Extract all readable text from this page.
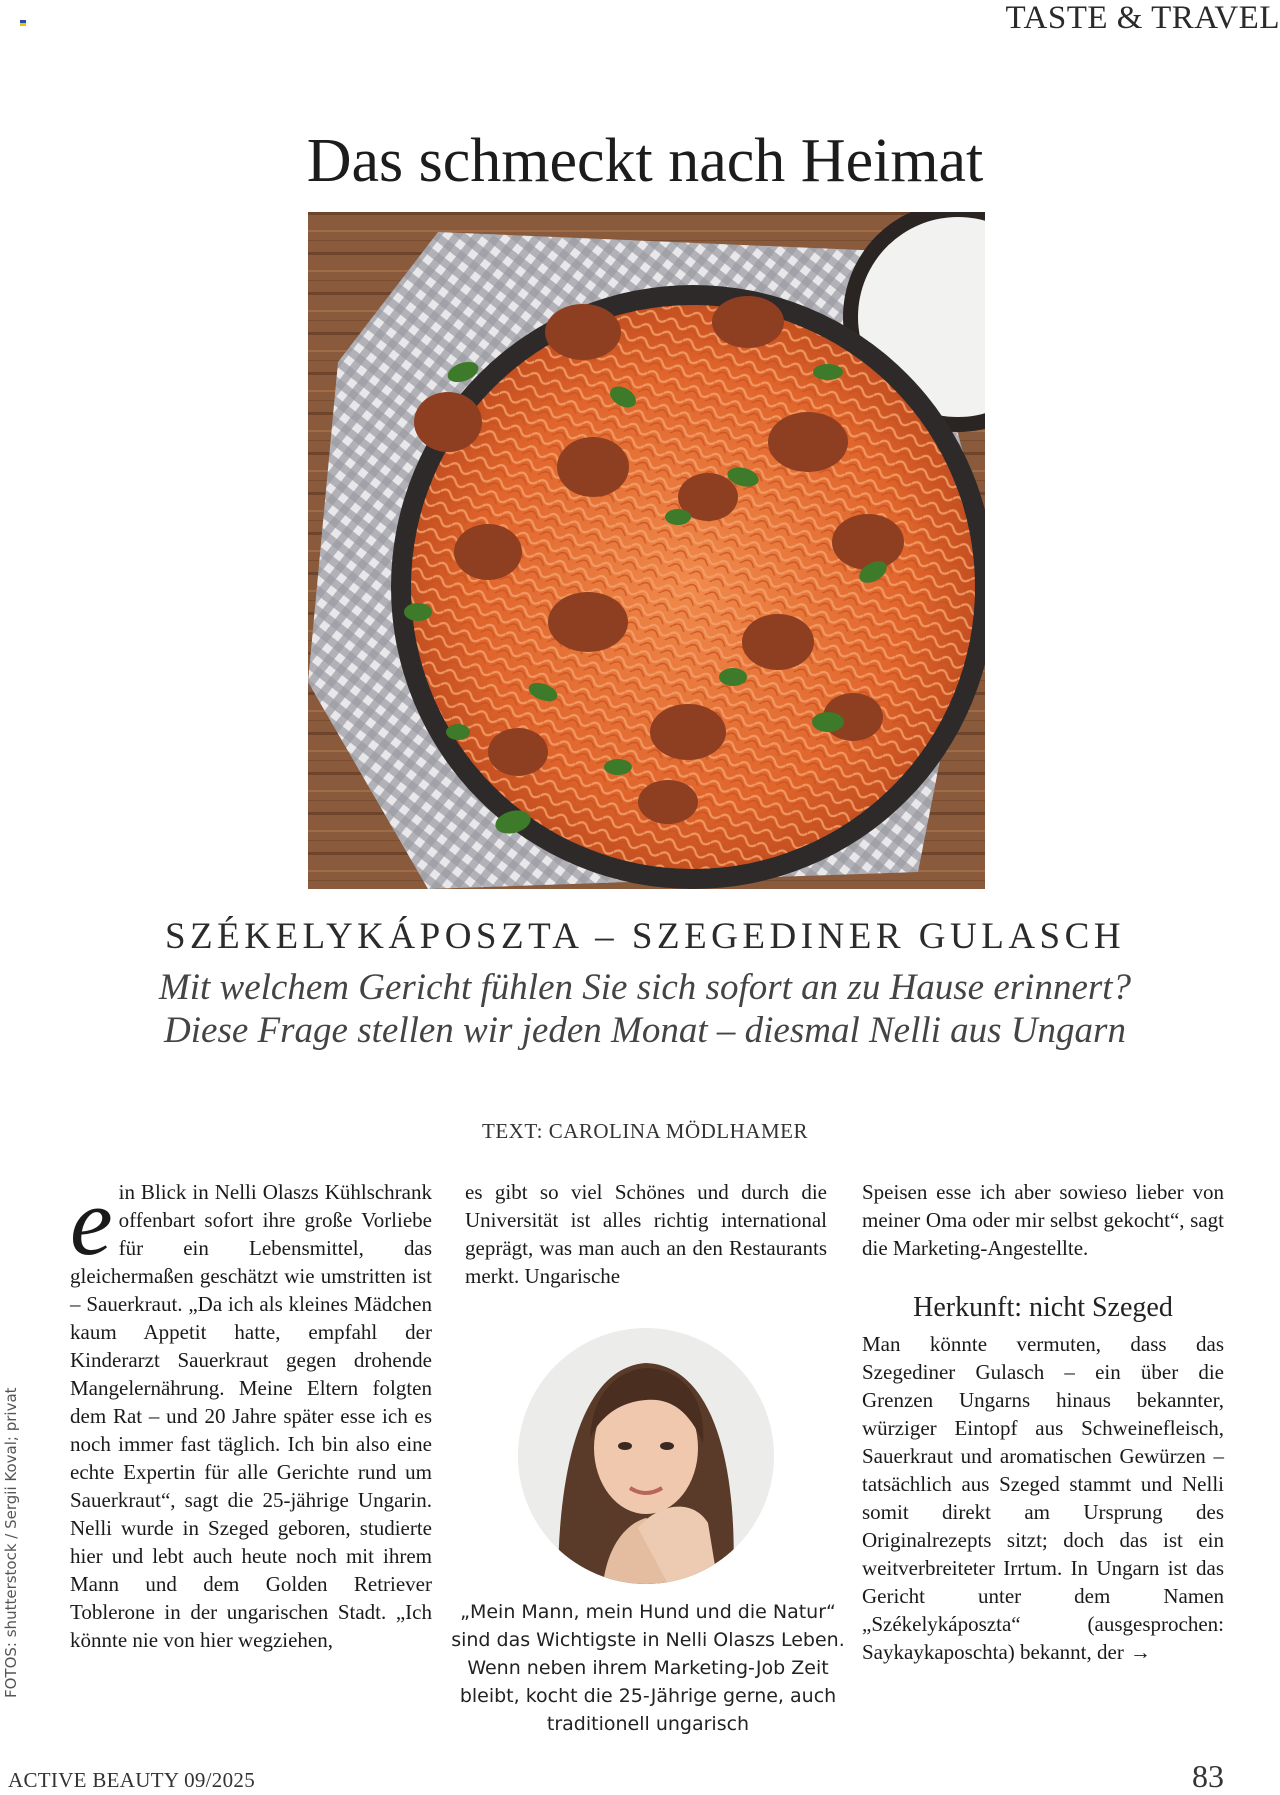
TASTE & TRAVEL
Das schmeckt nach Heimat
SZÉKELYKÁPOSZTA – SZEGEDINER GULASCH
Mit welchem Gericht fühlen Sie sich sofort an zu Hause erinnert? Diese Frage stellen wir jeden Monat – diesmal Nelli aus Ungarn
TEXT: CAROLINA MÖDLHAMER
e in Blick in Nelli Olaszs Kühlschrank offenbart sofort ihre große Vorliebe für ein Lebensmittel, das gleichermaßen geschätzt wie umstritten ist – Sauerkraut. „Da ich als kleines Mädchen kaum Appetit hatte, empfahl der Kinderarzt Sauerkraut gegen drohende Mangelernährung. Meine Eltern folgten dem Rat – und 20 Jahre später esse ich es noch immer fast täglich. Ich bin also eine echte Expertin für alle Gerichte rund um Sauerkraut“, sagt die 25-jährige Ungarin. Nelli wurde in Szeged geboren, studierte hier und lebt auch heute noch mit ihrem Mann und dem Golden Retriever Toblerone in der ungarischen Stadt. „Ich könnte nie von hier wegziehen,

es gibt so viel Schönes und durch die Universität ist alles richtig international geprägt, was man auch an den Restaurants merkt. Ungarische

„Mein Mann, mein Hund und die Natur“ sind das Wichtigste in Nelli Olaszs Leben. Wenn neben ihrem Marketing-Job Zeit bleibt, kocht die 25-Jährige gerne, auch traditionell ungarisch

Speisen esse ich aber sowieso lieber von meiner Oma oder mir selbst gekocht“, sagt die Marketing-Angestellte.

Herkunft: nicht Szeged

Man könnte vermuten, dass das Szegediner Gulasch – ein über die Grenzen Ungarns hinaus bekannter, würziger Eintopf aus Schweinefleisch, Sauerkraut und aromatischen Gewürzen – tatsächlich aus Szeged stammt und Nelli somit direkt am Ursprung des Originalrezepts sitzt; doch das ist ein weitverbreiteter Irrtum. In Ungarn ist das Gericht unter dem Namen „Székelykáposzta“ (ausgesprochen: Saykaykaposchta) bekannt, der →

FOTOS: shutterstock / Sergii Koval; privat
ACTIVE BEAUTY 09/2025	83
